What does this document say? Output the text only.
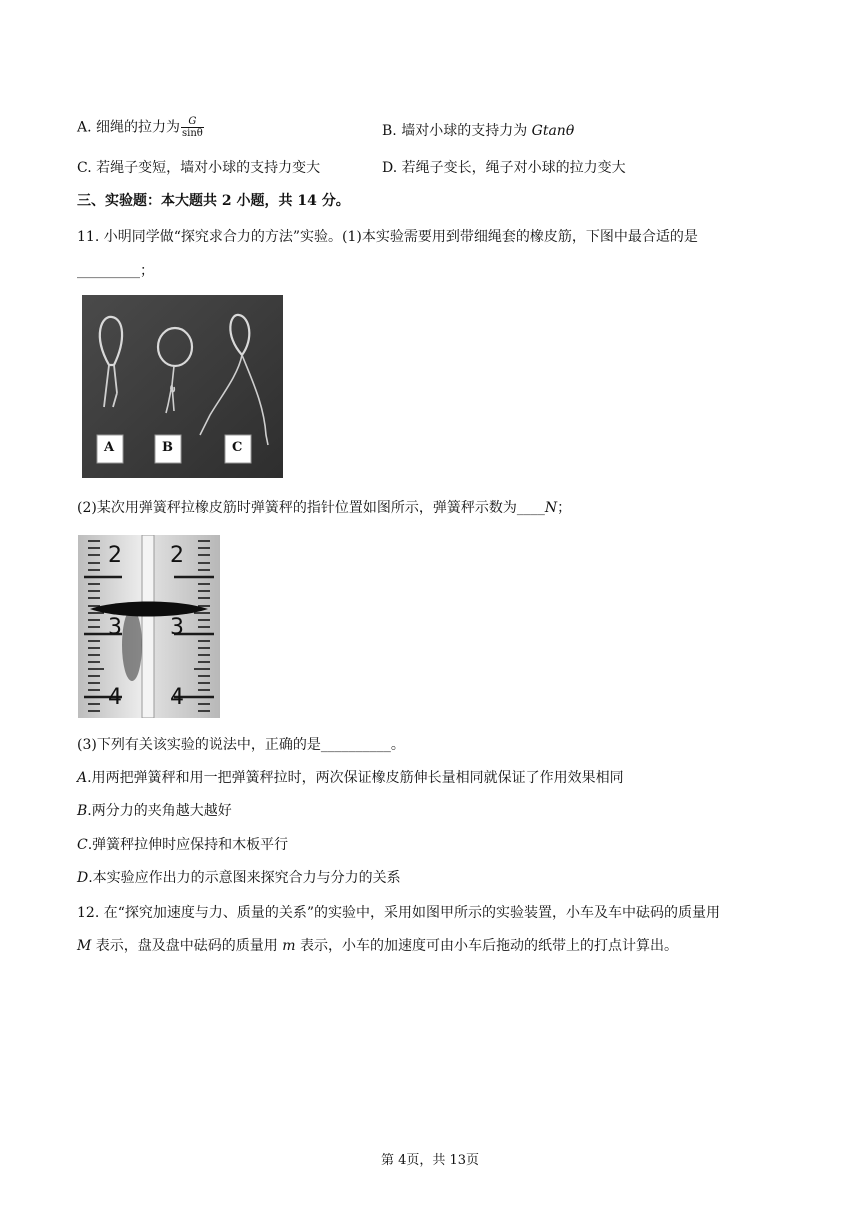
A. 细绳的拉力为 $\frac{G}{\sin\theta}$	B. 墙对小球的支持力为 Gtanθ
C. 若绳子变短，墙对小球的支持力变大	D. 若绳子变长，绳子对小球的拉力变大
三、实验题：本大题共 2 小题，共 14 分。
11. 小明同学做“探究求合力的方法”实验。(1)本实验需要用到带细绳套的橡皮筋，下图中最合适的是
_________；
A	B	C
(2)某次用弹簧秤拉橡皮筋时弹簧秤的指针位置如图所示，弹簧秤示数为____N；
2 2
3 3
4 4
(3)下列有关该实验的说法中，正确的是__________。
A.用两把弹簧秤和用一把弹簧秤拉时，两次保证橡皮筋伸长量相同就保证了作用效果相同
B.两分力的夹角越大越好
C.弹簧秤拉伸时应保持和木板平行
D.本实验应作出力的示意图来探究合力与分力的关系
12. 在“探究加速度与力、质量的关系”的实验中，采用如图甲所示的实验装置，小车及车中砝码的质量用
M 表示，盘及盘中砝码的质量用 m 表示，小车的加速度可由小车后拖动的纸带上的打点计算出。
第 4页，共 13页
